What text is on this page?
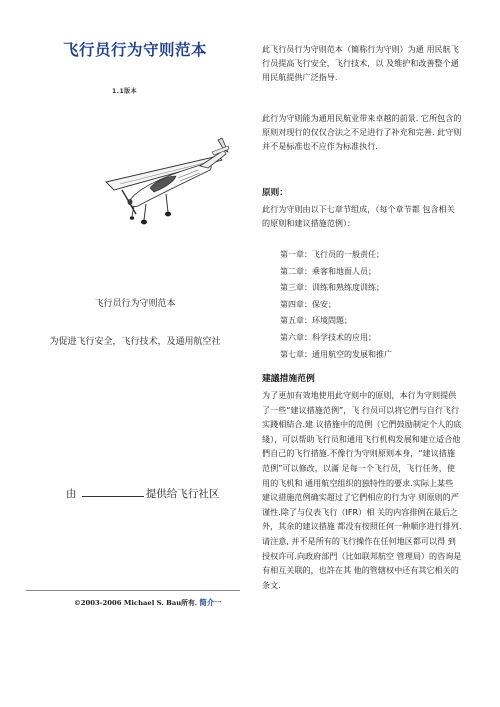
飞行员行为守则范本
1.1版本
飞行员行为守则范本
为促进飞行安全，飞行技术，及通用航空社
由	提供给飞行社区
©2003-2006 Michael S. Bau所有. 简介一
此飞行员行为守则范本（簡称行为守则）为通 用民航飞行员提高飞行安全，飞行技术，以 及维护和改善整个通用民航提供广泛指导.
此行为守则能为通用民航业带来卓越的前景. 它所包含的原则对现行的仅仅合法之不足进行了补充和完善. 此守则并不是标准也不应作为标准执行.
原则：
此行为守则由以下七章节组成，（每个章节都 包含相关的原则和建议措施范例）：
第一章：飞行员的一般责任；
第二章：乘客和地面人员；
第三章：训练和熟练度训练；
第四章：保安；
第五章：环境問題；
第六章：科学技术的应用；
第七章：通用航空的发展和推广
建議措施范例
为了更加有效地使用此守则中的原则，本行为守则提供了一些“建议措施范例”，飞 行员可以将它們与自行飞行实踐相結合.建 议措施中的范例（它們鼓励制定个人的底綫），可以帮助飞行员和通用飞行机构发展和建立适合他們自己的飞行措施.不像行为守则原则本身，“建议措施范例”可以修改，以滿 足每一个飞行员，飞行任务，使用的飞机和 通用航空组织的独特性的要求.实际上某些 建议措施范例确实超过了它們相应的行为守 则原则的严谨性.除了与仪表飞行（IFR）相 关的内容排例在最后之外，其余的建议措施 都没有按照任何一种顺序进行排列.请注意, 并不是所有的飞行操作在任何地区都可以得 到授权许可.向政府部門（比如联邦航空 管理局）的咨询是有相互关联的，也許在其 他的管辖权中还有其它相关的条文.
